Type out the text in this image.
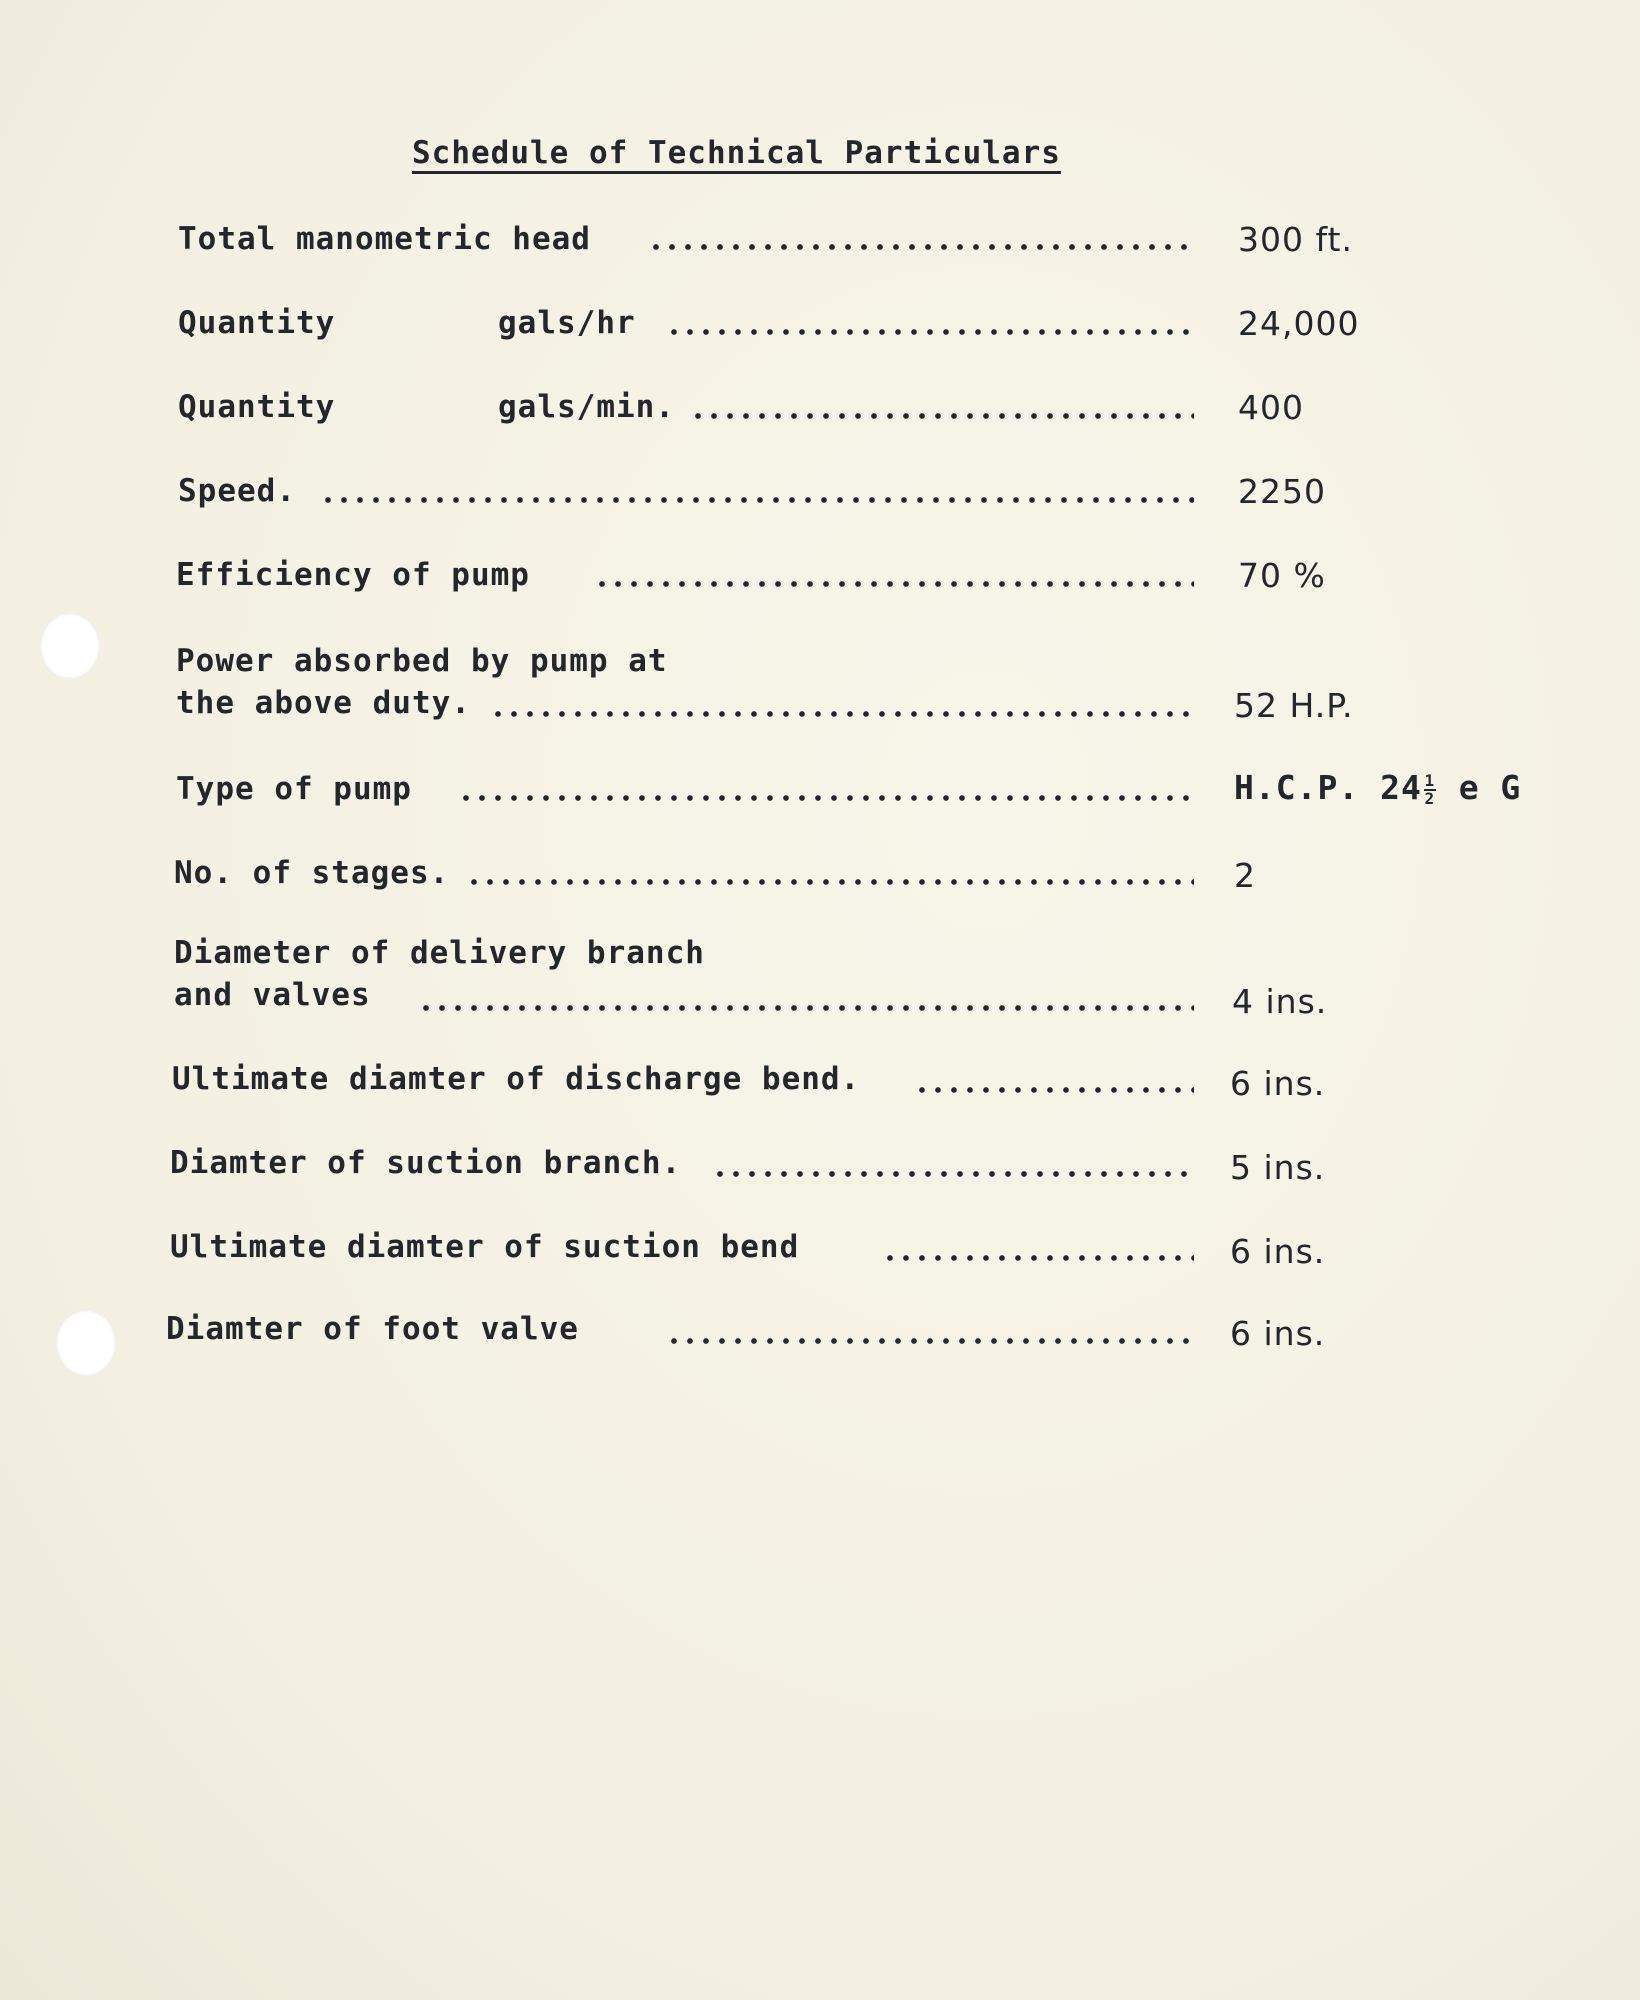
Schedule of Technical Particulars
Total manometric head	300 ft.
Quantity	gals/hr	24,000
Quantity	gals/min.	400
Speed.	2250
Efficiency of pump	70 %
Power absorbed by pump at
the above duty.	52 H.P.
Type of pump	H.C.P. $24 \frac{1}{2}$ e G
No. of stages.	2
Diameter of delivery branch
and valves	4 ins.
Ultimate diamter of discharge bend.	6 ins.
Diamter of suction branch.	5 ins.
Ultimate diamter of suction bend	6 ins.
Diamter of foot valve	6 ins.
